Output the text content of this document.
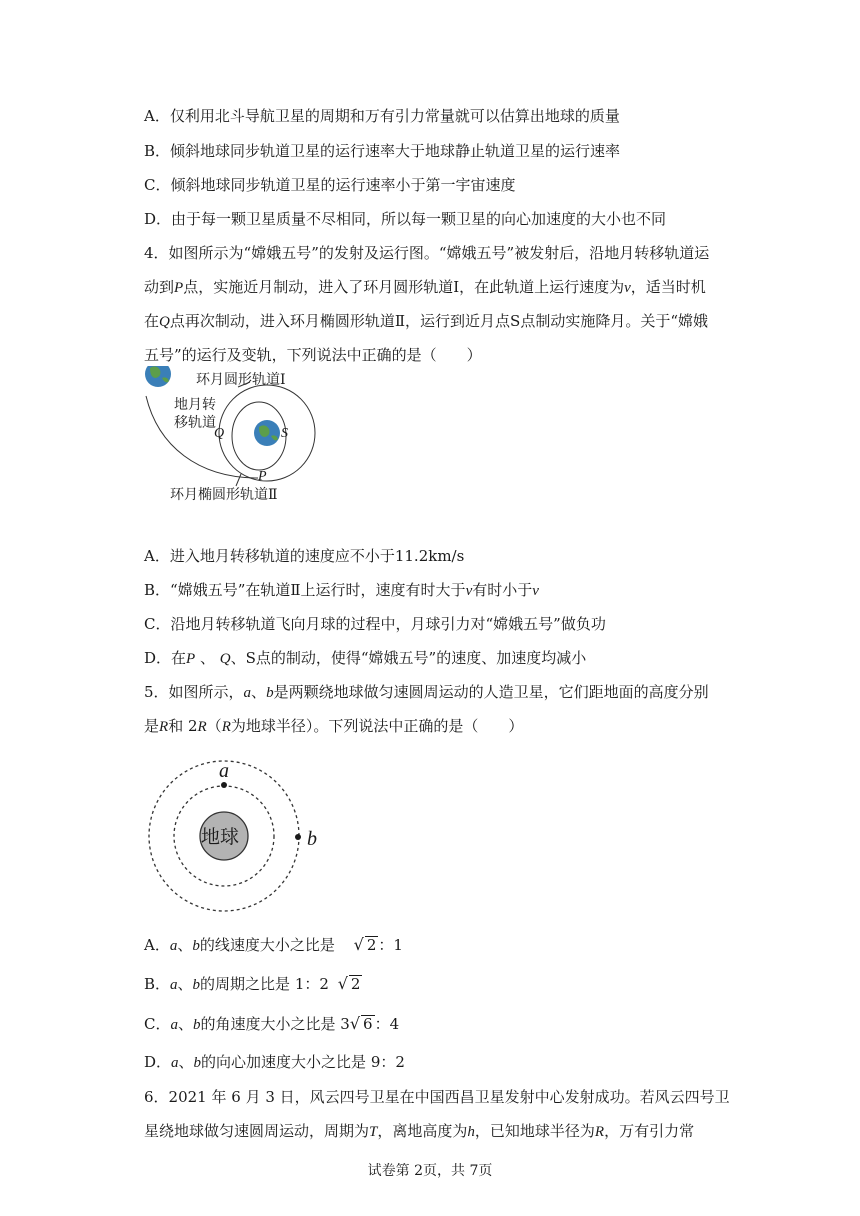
A．仅利用北斗导航卫星的周期和万有引力常量就可以估算出地球的质量
B．倾斜地球同步轨道卫星的运行速率大于地球静止轨道卫星的运行速率
C．倾斜地球同步轨道卫星的运行速率小于第一宇宙速度
D．由于每一颗卫星质量不尽相同，所以每一颗卫星的向心加速度的大小也不同
4．如图所示为“嫦娥五号”的发射及运行图。“嫦娥五号”被发射后，沿地月转移轨道运
动到P点，实施近月制动，进入了环月圆形轨道Ⅰ，在此轨道上运行速度为v，适当时机
在Q点再次制动，进入环月椭圆形轨道Ⅱ，运行到近月点S点制动实施降月。关于“嫦娥
五号”的运行及变轨，下列说法中正确的是（　　）
环月圆形轨道Ⅰ
地月转
移轨道
Q	S
P
环月椭圆形轨道Ⅱ
A．进入地月转移轨道的速度应不小于11.2km/s
B．“嫦娥五号”在轨道Ⅱ上运行时，速度有时大于v有时小于v
C．沿地月转移轨道飞向月球的过程中，月球引力对“嫦娥五号”做负功
D．在P 、 Q、S点的制动，使得“嫦娥五号”的速度、加速度均减小
5．如图所示，a、b是两颗绕地球做匀速圆周运动的人造卫星，它们距地面的高度分别
是R和 2R（R为地球半径）。下列说法中正确的是（　　）
地球
a
b
A．a、b的线速度大小之比是 √ 2 ：1
B．a、b的周期之比是 1：2 √ 2
C．a、b的角速度大小之比是 3√ 6 ：4
D．a、b的向心加速度大小之比是 9：2
6．2021 年 6 月 3 日，风云四号卫星在中国西昌卫星发射中心发射成功。若风云四号卫
星绕地球做匀速圆周运动，周期为T，离地高度为h，已知地球半径为R，万有引力常
试卷第 2页，共 7页
